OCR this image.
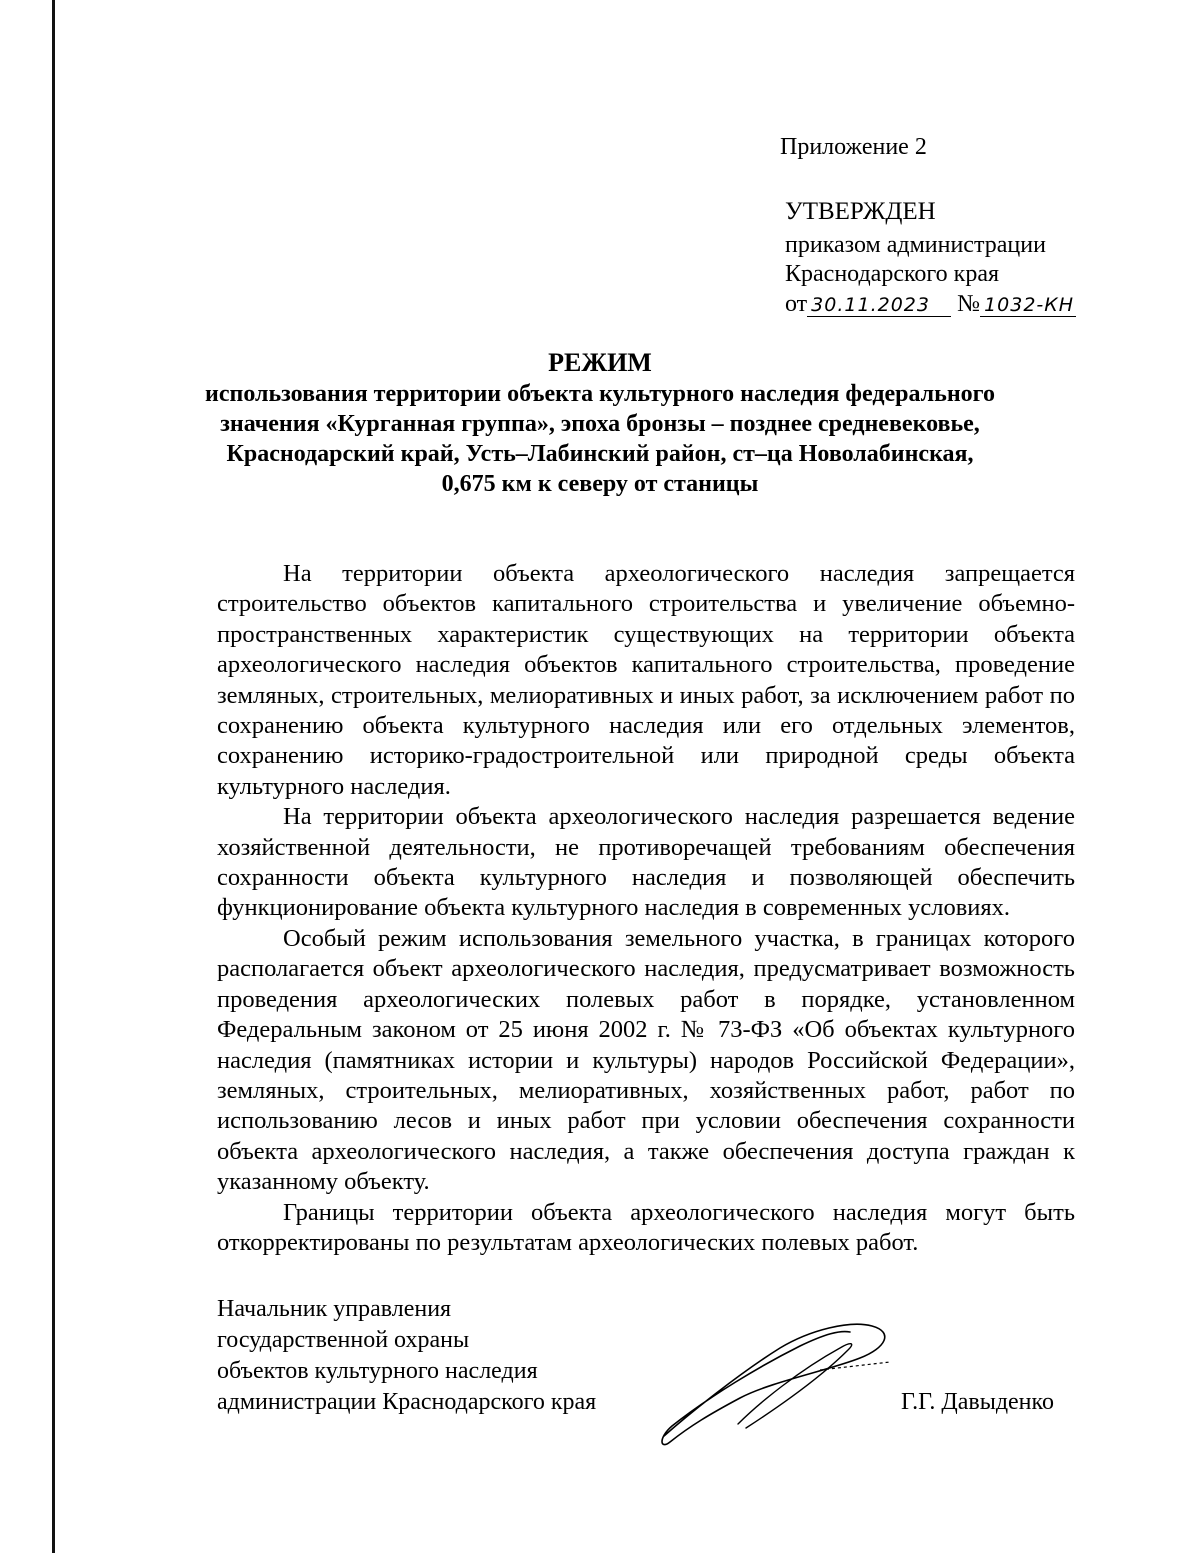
Приложение 2
УТВЕРЖДЕН
приказом администрации
Краснодарского края
от 30.11.2023 № 1032-КН
РЕЖИМ
использования территории объекта культурного наследия федерального
значения «Курганная группа», эпоха бронзы – позднее средневековье,
Краснодарский край, Усть–Лабинский район, ст–ца Новолабинская,
0,675 км к северу от станицы

На территории объекта археологического наследия запрещается строительство объектов капитального строительства и увеличение объемно-пространственных характеристик существующих на территории объекта археологического наследия объектов капитального строительства, проведение земляных, строительных, мелиоративных и иных работ, за исключением работ по сохранению объекта культурного наследия или его отдельных элементов, сохранению историко-градостроительной или природной среды объекта культурного наследия.

На территории объекта археологического наследия разрешается ведение хозяйственной деятельности, не противоречащей требованиям обеспечения сохранности объекта культурного наследия и позволяющей обеспечить функционирование объекта культурного наследия в современных условиях.

Особый режим использования земельного участка, в границах которого располагается объект археологического наследия, предусматривает возможность проведения археологических полевых работ в порядке, установленном Федеральным законом от 25 июня 2002 г. № 73-ФЗ «Об объектах культурного наследия (памятниках истории и культуры) народов Российской Федерации», земляных, строительных, мелиоративных, хозяйственных работ, работ по использованию лесов и иных работ при условии обеспечения сохранности объекта археологического наследия, а также обеспечения доступа граждан к указанному объекту.

Границы территории объекта археологического наследия могут быть откорректированы по результатам археологических полевых работ.

Начальник управления
государственной охраны
объектов культурного наследия
администрации Краснодарского края	Г.Г. Давыденко
